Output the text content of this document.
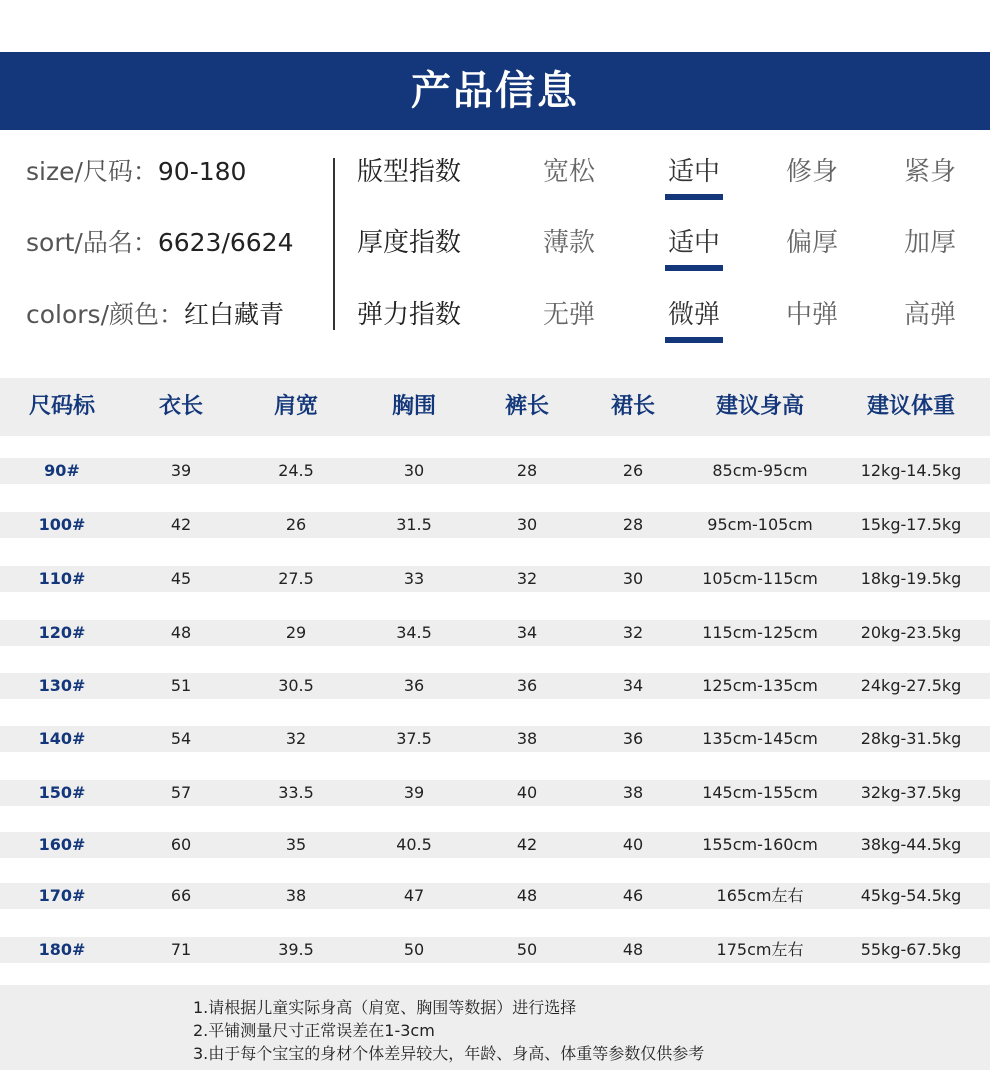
产品信息
size/尺码：90-180
sort/品名：6623/6624
colors/颜色：红白藏青
版型指数	宽松	适中	修身	紧身
厚度指数	薄款	适中	偏厚	加厚
弹力指数	无弹	微弹	中弹	高弹
尺码标	衣长	肩宽	胸围	裤长	裙长	建议身高	建议体重
90#	39	24.5	30	28	26	85cm-95cm	12kg-14.5kg
100#	42	26	31.5	30	28	95cm-105cm	15kg-17.5kg
110#	45	27.5	33	32	30	105cm-115cm	18kg-19.5kg
120#	48	29	34.5	34	32	115cm-125cm	20kg-23.5kg
130#	51	30.5	36	36	34	125cm-135cm	24kg-27.5kg
140#	54	32	37.5	38	36	135cm-145cm	28kg-31.5kg
150#	57	33.5	39	40	38	145cm-155cm	32kg-37.5kg
160#	60	35	40.5	42	40	155cm-160cm	38kg-44.5kg
170#	66	38	47	48	46	165cm左右	45kg-54.5kg
180#	71	39.5	50	50	48	175cm左右	55kg-67.5kg
1.请根据儿童实际身高（肩宽、胸围等数据）进行选择
2.平铺测量尺寸正常误差在1-3cm
3.由于每个宝宝的身材个体差异较大，年龄、身高、体重等参数仅供参考
